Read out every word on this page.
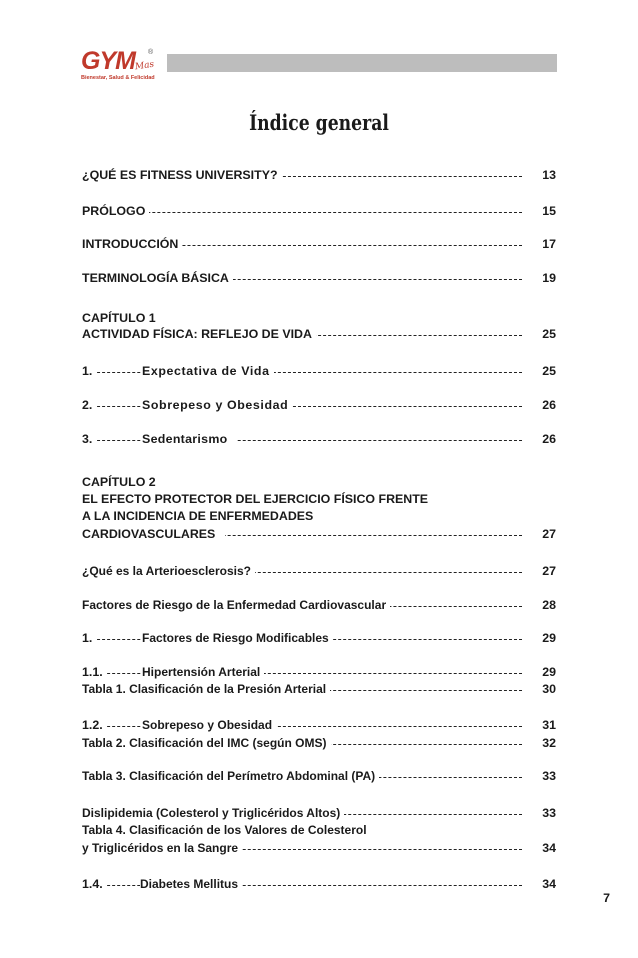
GYM ®
Mas
Bienestar, Salud & Felicidad
Índice general
¿QUÉ ES FITNESS UNIVERSITY?	13
PRÓLOGO	15
INTRODUCCIÓN	17
TERMINOLOGÍA BÁSICA	19
CAPÍTULO 1
ACTIVIDAD FÍSICA: REFLEJO DE VIDA	25
1.	Expectativa de Vida	25
2.	Sobrepeso y Obesidad	26
3.	Sedentarismo	26
CAPÍTULO 2
EL EFECTO PROTECTOR DEL EJERCICIO FÍSICO FRENTE
A LA INCIDENCIA DE ENFERMEDADES
CARDIOVASCULARES	27
¿Qué es la Arterioesclerosis?	27
Factores de Riesgo de la Enfermedad Cardiovascular	28
1.	Factores de Riesgo Modificables	29
1.1.	Hipertensión Arterial	29
Tabla 1. Clasificación de la Presión Arterial	30
1.2.	Sobrepeso y Obesidad	31
Tabla 2. Clasificación del IMC (según OMS)	32
Tabla 3. Clasificación del Perímetro Abdominal (PA)	33
Dislipidemia (Colesterol y Triglicéridos Altos)	33
Tabla 4. Clasificación de los Valores de Colesterol
y Triglicéridos en la Sangre	34
1.4.	Diabetes Mellitus	34
7
